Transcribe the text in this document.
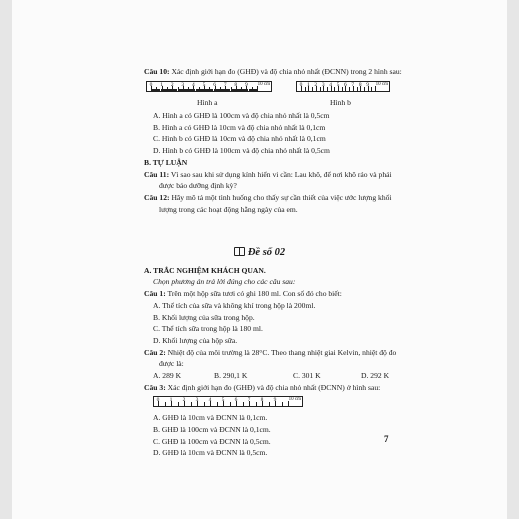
Câu 10: Xác định giới hạn đo (GHĐ) và độ chia nhỏ nhất (ĐCNN) trong 2 hình sau:
0 1 2 3 4 5 6 7 8 9 10 cm	0 1 2 3 4 5 6 7 8 9 10 cm
Hình a	Hình b
A. Hình a có GHĐ là 100cm và độ chia nhỏ nhất là 0,5cm
B. Hình a có GHĐ là 10cm và độ chia nhỏ nhất là 0,1cm
C. Hình b có GHĐ là 10cm và độ chia nhỏ nhất là 0,1cm
D. Hình b có GHĐ là 100cm và độ chia nhỏ nhất là 0,5cm
B. TỰ LUẬN
Câu 11: Vì sao sau khi sử dụng kính hiển vi cần: Lau khô, để nơi khô ráo và phải
được bảo dưỡng định kỳ?
Câu 12: Hãy mô tả một tình huống cho thấy sự cần thiết của việc ước lượng khối
lượng trong các hoạt động hằng ngày của em.
Đề số 02
A. TRẮC NGHIỆM KHÁCH QUAN.
Chọn phương án trả lời đúng cho các câu sau:
Câu 1: Trên một hộp sữa tươi có ghi 180 ml. Con số đó cho biết:
A. Thể tích của sữa và không khí trong hộp là 200ml.
B. Khối lượng của sữa trong hộp.
C. Thể tích sữa trong hộp là 180 ml.
D. Khối lượng của hộp sữa.
Câu 2: Nhiệt độ của môi trường là 28°C. Theo thang nhiệt giai Kelvin, nhiệt độ đo
được là:
A. 289 K	B. 290,1 K	C. 301 K	D. 292 K
Câu 3: Xác định giới hạn đo (GHĐ) và độ chia nhỏ nhất (ĐCNN) ở hình sau:
0 1 2 3 4 5 6 7 8 9 10 cm
A. GHĐ là 10cm và ĐCNN là 0,1cm.
B. GHĐ là 100cm và ĐCNN là 0,1cm.
C. GHĐ là 100cm và ĐCNN là 0,5cm.
D. GHĐ là 10cm và ĐCNN là 0,5cm.
7
